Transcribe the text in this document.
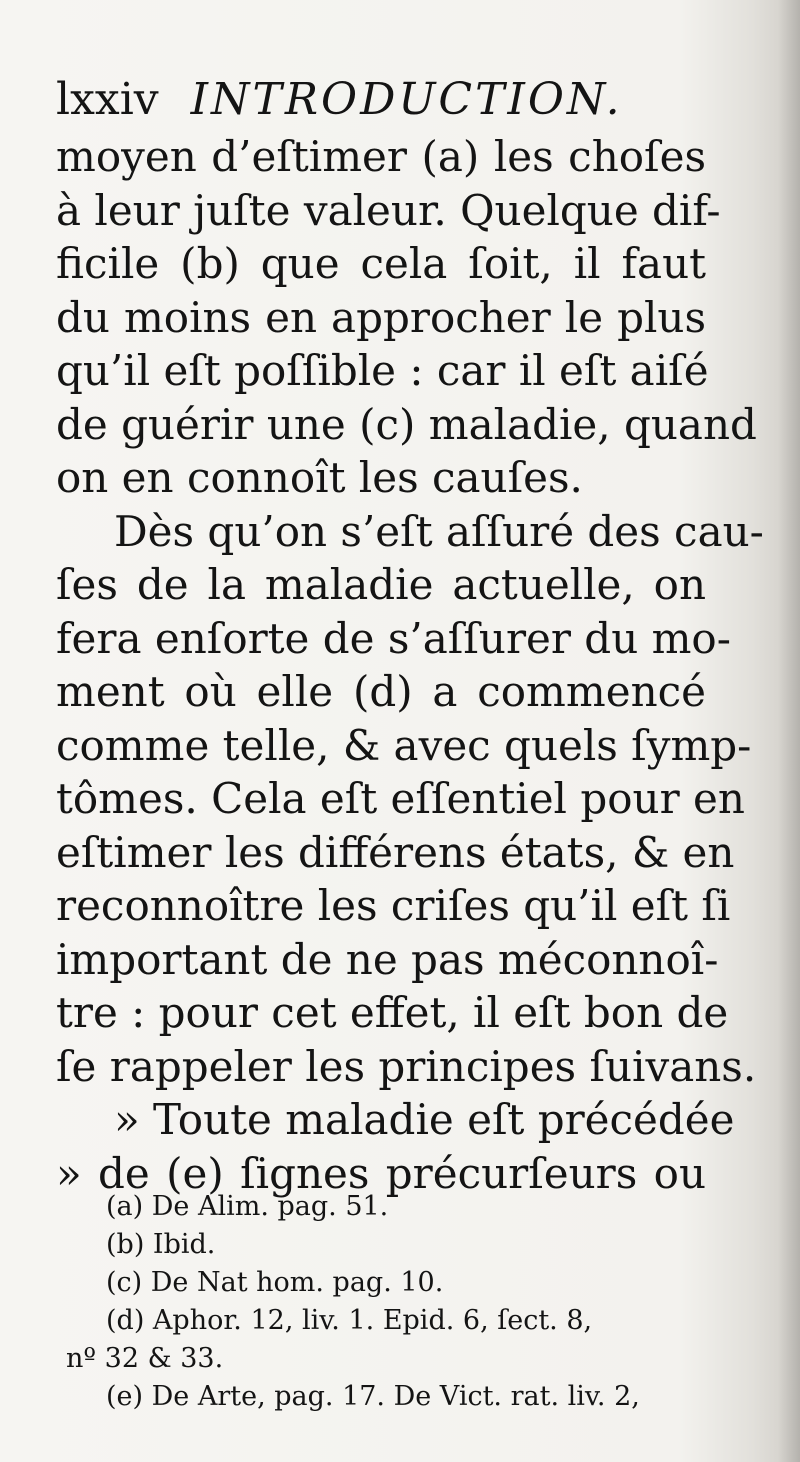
lxxiv INTRODUCTION.
moyen d’eſtimer (a) les choſes
à leur juſte valeur. Quelque dif-
ficile (b) que cela ſoit, il faut
du moins en approcher le plus
qu’il eſt poſſible : car il eſt aiſé
de guérir une (c) maladie, quand
on en connoît les cauſes.
Dès qu’on s’eſt aſſuré des cau-
ſes de la maladie actuelle, on
fera enſorte de s’aſſurer du mo-
ment où elle (d) a commencé
comme telle, & avec quels ſymp-
tômes. Cela eſt eſſentiel pour en
eſtimer les différens états, & en
reconnoître les criſes qu’il eſt ſi
important de ne pas méconnoî-
tre : pour cet effet, il eſt bon de
ſe rappeler les principes ſuivans.
» Toute maladie eſt précédée
» de (e) ſignes précurſeurs ou
(a) De Alim. pag. 51.
(b) Ibid.
(c) De Nat hom. pag. 10.
(d) Aphor. 12, liv. 1. Epid. 6, ſect. 8,
nº 32 & 33.
(e) De Arte, pag. 17. De Vict. rat. liv. 2,
